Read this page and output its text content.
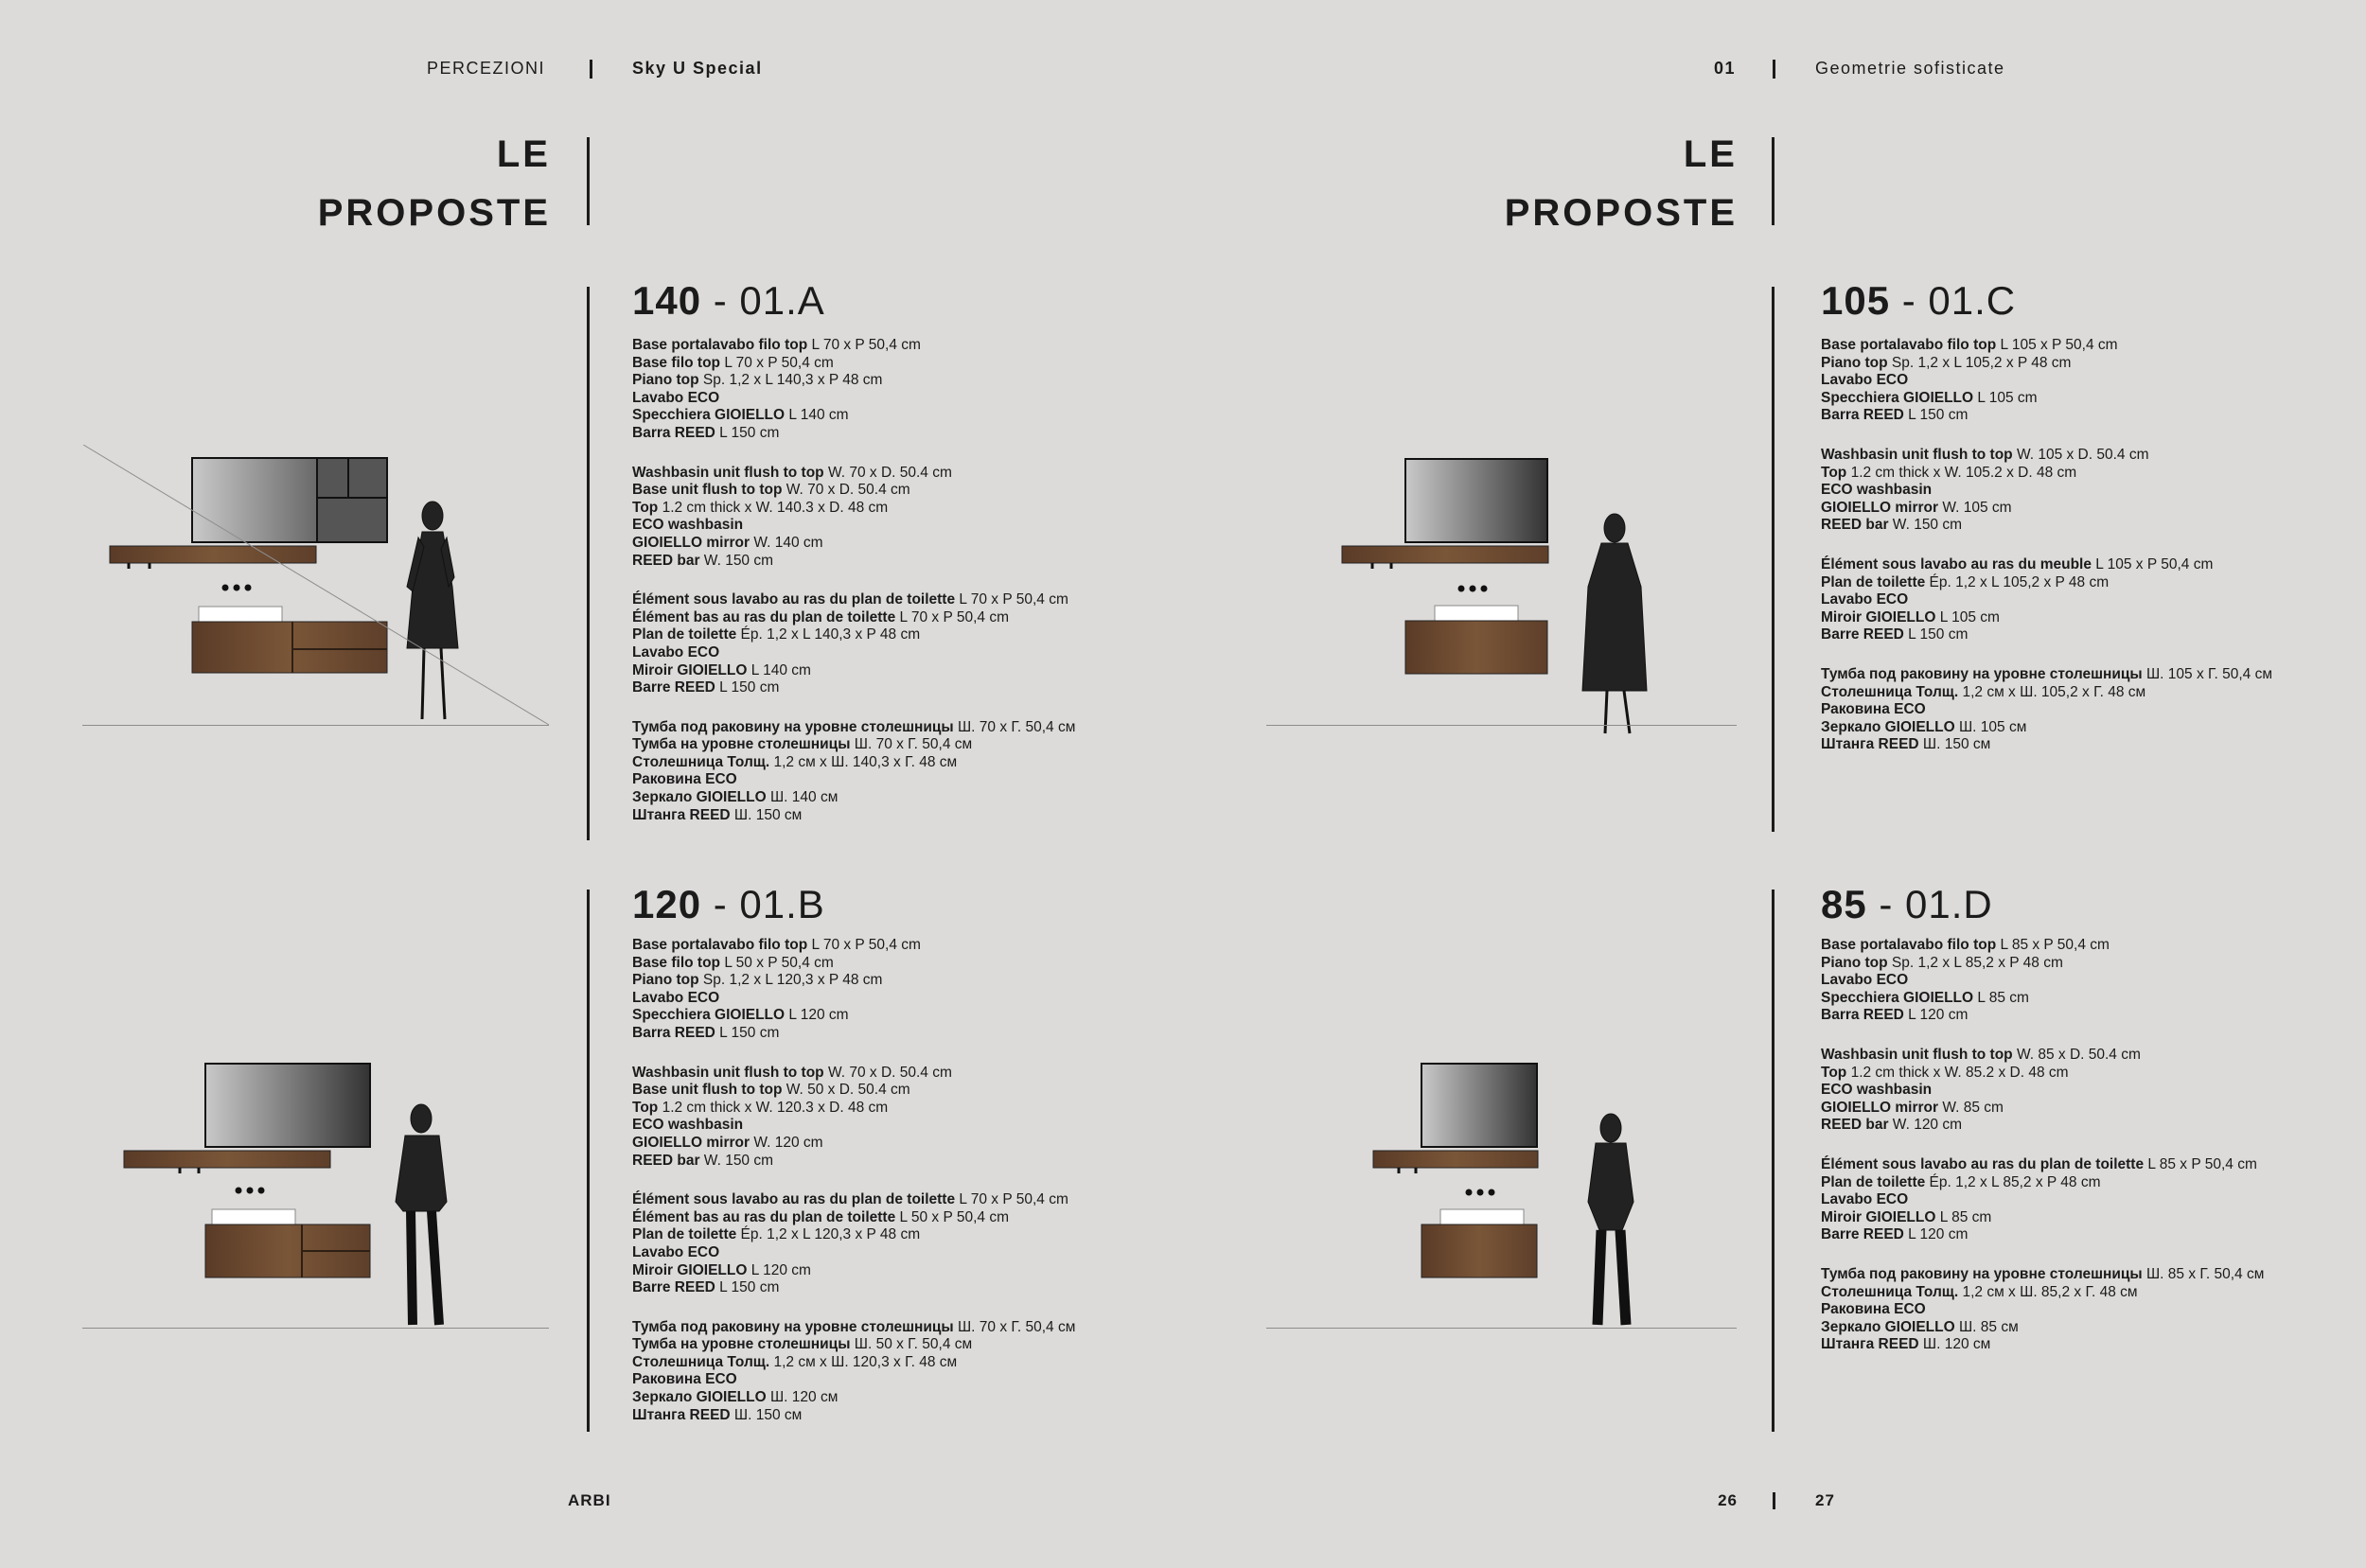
PERCEZIONI	Sky U Special	01	Geometrie sofisticate
LE
PROPOSTE
LE
PROPOSTE
140 - 01.A
Base portalavabo filo top L 70 x P 50,4 cm
Base filo top L 70 x P 50,4 cm
Piano top Sp. 1,2 x L 140,3 x P 48 cm
Lavabo ECO
Specchiera GIOIELLO L 140 cm
Barra REED L 150 cm
Washbasin unit flush to top W. 70 x D. 50.4 cm
Base unit flush to top W. 70 x D. 50.4 cm
Top 1.2 cm thick x W. 140.3 x D. 48 cm
ECO washbasin
GIOIELLO mirror W. 140 cm
REED bar W. 150 cm
Élément sous lavabo au ras du plan de toilette L 70 x P 50,4 cm
Élément bas au ras du plan de toilette L 70 x P 50,4 cm
Plan de toilette Ép. 1,2 x L 140,3 x P 48 cm
Lavabo ECO
Miroir GIOIELLO L 140 cm
Barre REED L 150 cm
Тумба под раковину на уровне столешницы Ш. 70 х Г. 50,4 см
Тумба на уровне столешницы Ш. 70 х Г. 50,4 см
Столешница Толщ. 1,2 см х Ш. 140,3 х Г. 48 см
Раковина ECO
Зеркало GIOIELLO Ш. 140 см
Штанга REED Ш. 150 см
120 - 01.B
Base portalavabo filo top L 70 x P 50,4 cm
Base filo top L 50 x P 50,4 cm
Piano top Sp. 1,2 x L 120,3 x P 48 cm
Lavabo ECO
Specchiera GIOIELLO L 120 cm
Barra REED L 150 cm
Washbasin unit flush to top W. 70 x D. 50.4 cm
Base unit flush to top W. 50 x D. 50.4 cm
Top 1.2 cm thick x W. 120.3 x D. 48 cm
ECO washbasin
GIOIELLO mirror W. 120 cm
REED bar W. 150 cm
Élément sous lavabo au ras du plan de toilette L 70 x P 50,4 cm
Élément bas au ras du plan de toilette L 50 x P 50,4 cm
Plan de toilette Ép. 1,2 x L 120,3 x P 48 cm
Lavabo ECO
Miroir GIOIELLO L 120 cm
Barre REED L 150 cm
Тумба под раковину на уровне столешницы Ш. 70 х Г. 50,4 см
Тумба на уровне столешницы Ш. 50 х Г. 50,4 см
Столешница Толщ. 1,2 см х Ш. 120,3 х Г. 48 см
Раковина ECO
Зеркало GIOIELLO Ш. 120 см
Штанга REED Ш. 150 см
105 - 01.C
Base portalavabo filo top L 105 x P 50,4 cm
Piano top Sp. 1,2 x L 105,2 x P 48 cm
Lavabo ECO
Specchiera GIOIELLO L 105 cm
Barra REED L 150 cm
Washbasin unit flush to top W. 105 x D. 50.4 cm
Top 1.2 cm thick x W. 105.2 x D. 48 cm
ECO washbasin
GIOIELLO mirror W. 105 cm
REED bar W. 150 cm
Élément sous lavabo au ras du meuble L 105 x P 50,4 cm
Plan de toilette Ép. 1,2 x L 105,2 x P 48 cm
Lavabo ECO
Miroir GIOIELLO L 105 cm
Barre REED L 150 cm
Тумба под раковину на уровне столешницы Ш. 105 х Г. 50,4 см
Столешница Толщ. 1,2 см х Ш. 105,2 х Г. 48 см
Раковина ECO
Зеркало GIOIELLO Ш. 105 см
Штанга REED Ш. 150 см
85 - 01.D
Base portalavabo filo top L 85 x P 50,4 cm
Piano top Sp. 1,2 x L 85,2 x P 48 cm
Lavabo ECO
Specchiera GIOIELLO L 85 cm
Barra REED L 120 cm
Washbasin unit flush to top W. 85 x D. 50.4 cm
Top 1.2 cm thick x W. 85.2 x D. 48 cm
ECO washbasin
GIOIELLO mirror W. 85 cm
REED bar W. 120 cm
Élément sous lavabo au ras du plan de toilette L 85 x P 50,4 cm
Plan de toilette Ép. 1,2 x L 85,2 x P 48 cm
Lavabo ECO
Miroir GIOIELLO L 85 cm
Barre REED L 120 cm
Тумба под раковину на уровне столешницы Ш. 85 х Г. 50,4 см
Столешница Толщ. 1,2 см х Ш. 85,2 х Г. 48 см
Раковина ECO
Зеркало GIOIELLO Ш. 85 см
Штанга REED Ш. 120 см
ARBI	26	27
